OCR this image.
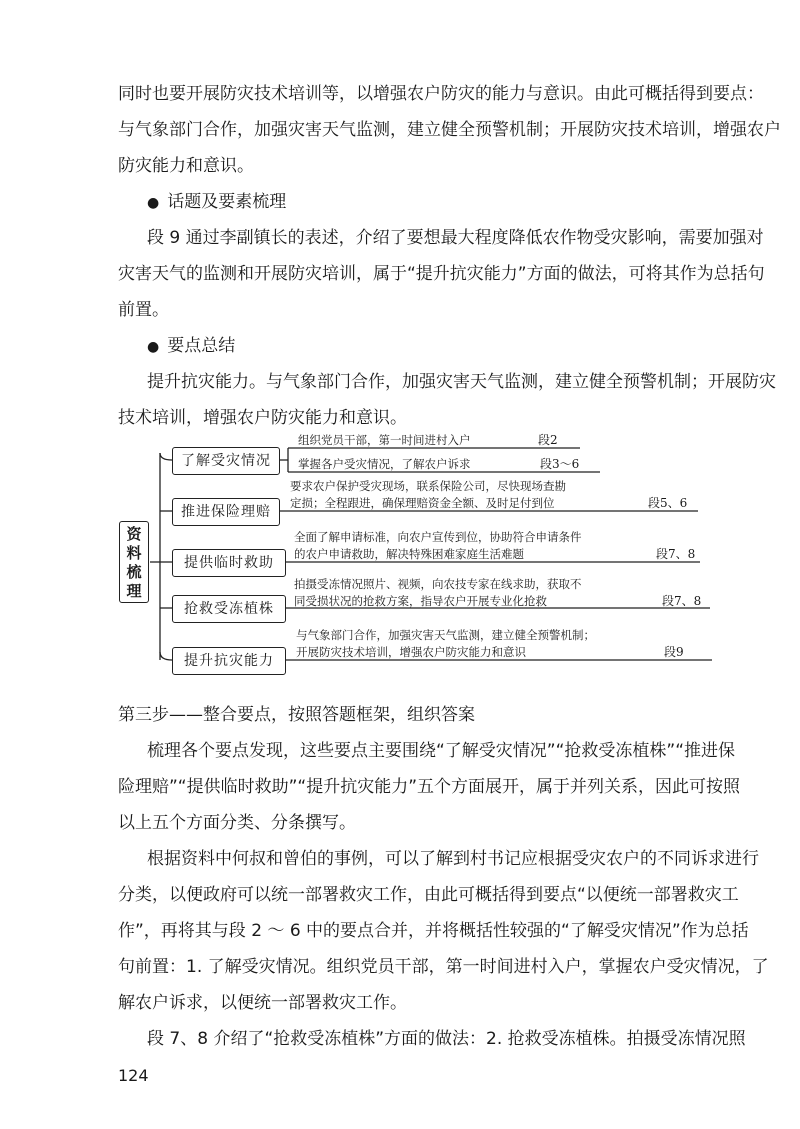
同时也要开展防灾技术培训等，以增强农户防灾的能力与意识。由此可概括得到要点：
与气象部门合作，加强灾害天气监测，建立健全预警机制；开展防灾技术培训，增强农户
防灾能力和意识。
● 话题及要素梳理
段 9 通过李副镇长的表述，介绍了要想最大程度降低农作物受灾影响，需要加强对
灾害天气的监测和开展防灾培训，属于“提升抗灾能力”方面的做法，可将其作为总括句
前置。
● 要点总结
提升抗灾能力。与气象部门合作，加强灾害天气监测，建立健全预警机制；开展防灾
技术培训，增强农户防灾能力和意识。
资
料
梳
理
了解受灾情况
推进保险理赔
提供临时救助
抢救受冻植株
提升抗灾能力
组织党员干部，第一时间进村入户	段2
掌握各户受灾情况，了解农户诉求	段3～6
要求农户保护受灾现场，联系保险公司，尽快现场查勘
定损；全程跟进，确保理赔资金全额、及时足付到位	段5、6
全面了解申请标准，向农户宣传到位，协助符合申请条件
的农户申请救助，解决特殊困难家庭生活难题	段7、8
拍摄受冻情况照片、视频，向农技专家在线求助，获取不
同受损状况的抢救方案，指导农户开展专业化抢救	段7、8
与气象部门合作，加强灾害天气监测，建立健全预警机制；
开展防灾技术培训，增强农户防灾能力和意识	段9
第三步——整合要点，按照答题框架，组织答案
梳理各个要点发现，这些要点主要围绕“了解受灾情况”“抢救受冻植株”“推进保
险理赔”“提供临时救助”“提升抗灾能力”五个方面展开，属于并列关系，因此可按照
以上五个方面分类、分条撰写。
根据资料中何叔和曾伯的事例，可以了解到村书记应根据受灾农户的不同诉求进行
分类，以便政府可以统一部署救灾工作，由此可概括得到要点“以便统一部署救灾工
作”，再将其与段 2 ～ 6 中的要点合并，并将概括性较强的“了解受灾情况”作为总括
句前置：1. 了解受灾情况。组织党员干部，第一时间进村入户，掌握农户受灾情况，了
解农户诉求，以便统一部署救灾工作。
段 7、8 介绍了“抢救受冻植株”方面的做法：2. 抢救受冻植株。拍摄受冻情况照
124
